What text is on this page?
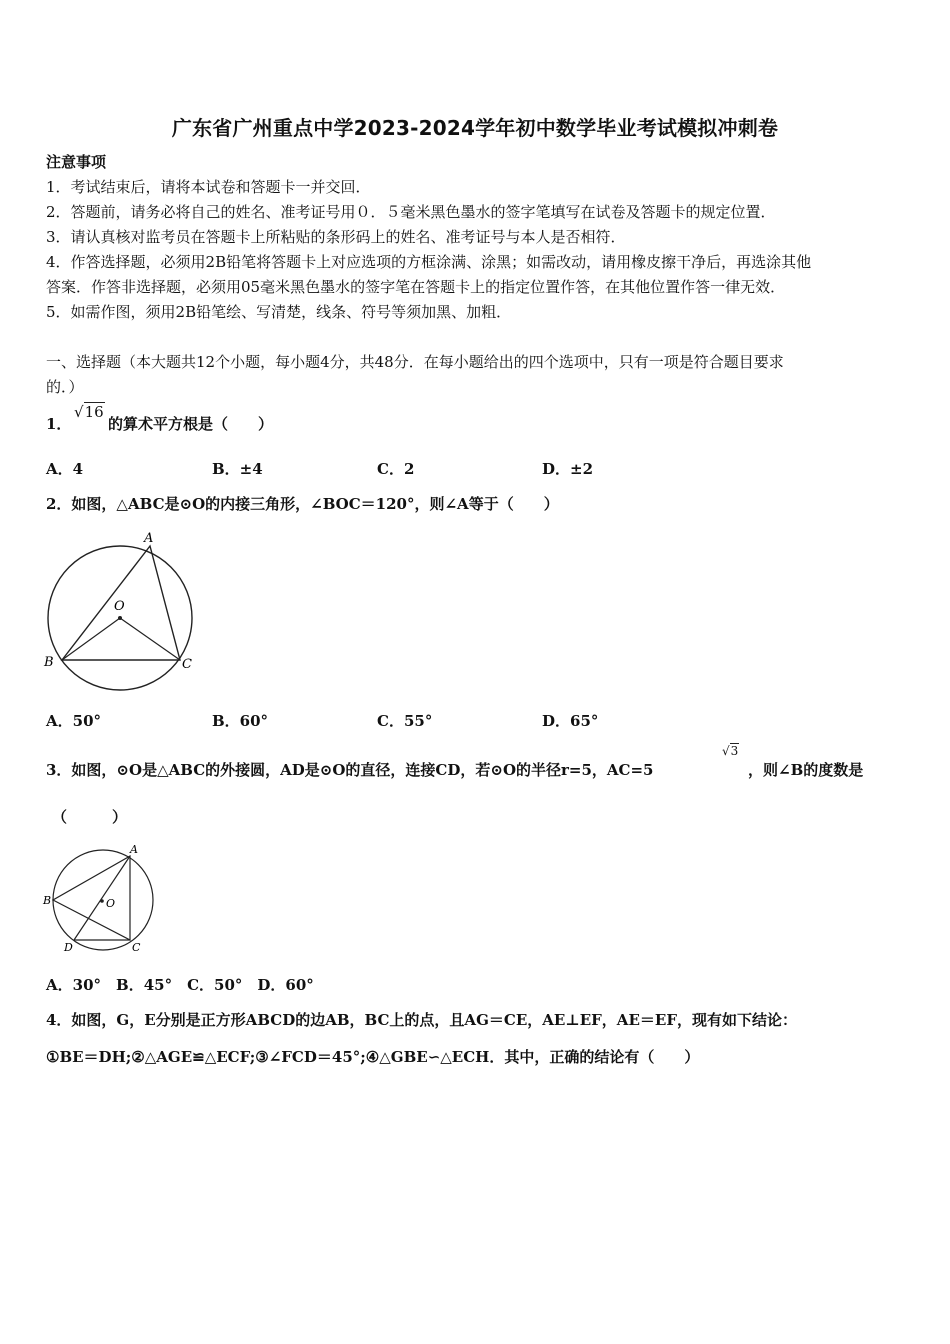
广东省广州重点中学2023-2024学年初中数学毕业考试模拟冲刺卷
注意事项
1．考试结束后，请将本试卷和答题卡一并交回．
2．答题前，请务必将自己的姓名、准考证号用０．５毫米黑色墨水的签字笔填写在试卷及答题卡的规定位置．
3．请认真核对监考员在答题卡上所粘贴的条形码上的姓名、准考证号与本人是否相符．
4．作答选择题，必须用2B铅笔将答题卡上对应选项的方框涂满、涂黑；如需改动，请用橡皮擦干净后，再选涂其他
答案．作答非选择题，必须用05毫米黑色墨水的签字笔在答题卡上的指定位置作答，在其他位置作答一律无效．
5．如需作图，须用2B铅笔绘、写清楚，线条、符号等须加黑、加粗．
一、选择题（本大题共12个小题，每小题4分，共48分．在每小题给出的四个选项中，只有一项是符合题目要求
的．）
1．
√16
的算术平方根是（　　）
A．4	B．±4	C．2	D．±2
2．如图，△ABC是⊙O的内接三角形，∠BOC＝120°，则∠A等于（　　）
A
O
B	C
A．50°	B．60°	C．55°	D．65°
3．如图，⊙O是△ABC的外接圆，AD是⊙O的直径，连接CD，若⊙O的半径r=5，AC=5
√3
，则∠B的度数是
（　　　）
A
B	O
D	C
A．30°　B．45°　C．50°　D．60°
4．如图，G，E分别是正方形ABCD的边AB，BC上的点，且AG＝CE，AE⊥EF，AE＝EF，现有如下结论：
①BE＝DH;②△AGE≌△ECF;③∠FCD＝45°;④△GBE∽△ECH．其中，正确的结论有（　　）
